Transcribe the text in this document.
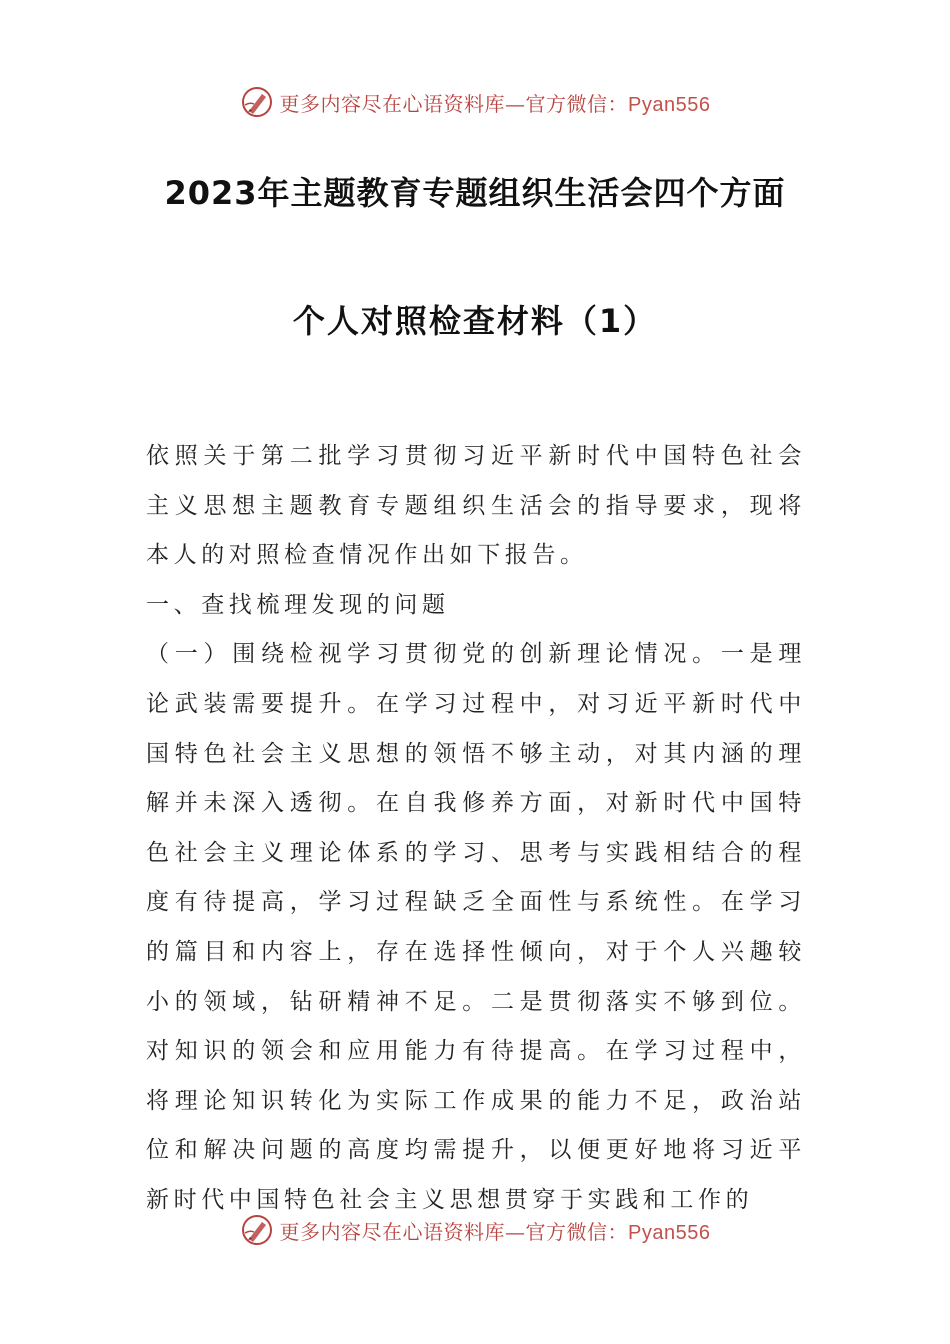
更多内容尽在心语资料库—官方微信：Pyan556
2023年主题教育专题组织生活会四个方面
个人对照检查材料（1）

依照关于第二批学习贯彻习近平新时代中国特色社会主义思想主题教育专题组织生活会的指导要求，现将本人的对照检查情况作出如下报告。

一、查找梳理发现的问题

（一）围绕检视学习贯彻党的创新理论情况。一是理论武装需要提升。在学习过程中，对习近平新时代中国特色社会主义思想的领悟不够主动，对其内涵的理解并未深入透彻。在自我修养方面，对新时代中国特色社会主义理论体系的学习、思考与实践相结合的程度有待提高，学习过程缺乏全面性与系统性。在学习的篇目和内容上，存在选择性倾向，对于个人兴趣较小的领域，钻研精神不足。二是贯彻落实不够到位。对知识的领会和应用能力有待提高。在学习过程中，将理论知识转化为实际工作成果的能力不足，政治站位和解决问题的高度均需提升，以便更好地将习近平新时代中国特色社会主义思想贯穿于实践和工作的

更多内容尽在心语资料库—官方微信：Pyan556
